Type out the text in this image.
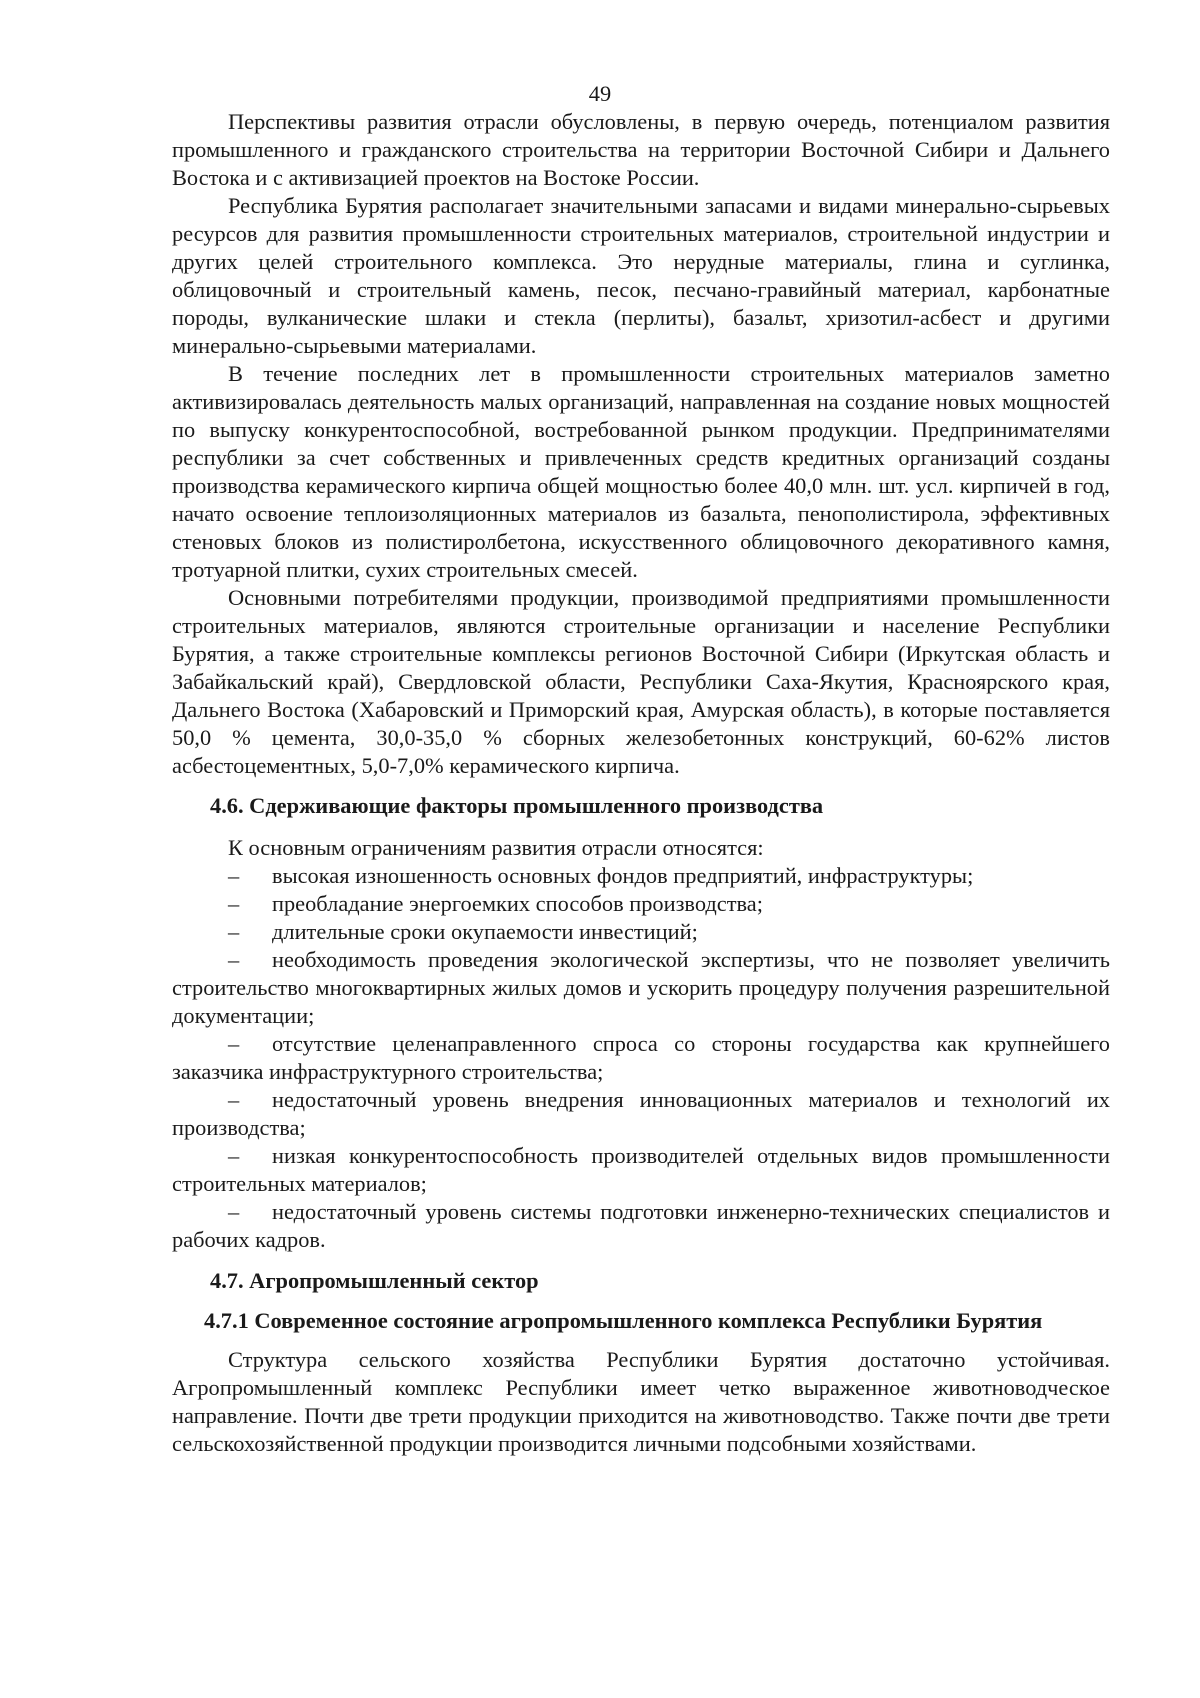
49

Перспективы развития отрасли обусловлены, в первую очередь, потенциалом развития промышленного и гражданского строительства на территории Восточной Сибири и Дальнего Востока и с активизацией проектов на Востоке России.

Республика Бурятия располагает значительными запасами и видами минерально-сырьевых ресурсов для развития промышленности строительных материалов, строительной индустрии и других целей строительного комплекса. Это нерудные материалы, глина и суглинка, облицовочный и строительный камень, песок, песчано-гравийный материал, карбонатные породы, вулканические шлаки и стекла (перлиты), базальт, хризотил-асбест и другими минерально-сырьевыми материалами.

В течение последних лет в промышленности строительных материалов заметно активизировалась деятельность малых организаций, направленная на создание новых мощностей по выпуску конкурентоспособной, востребованной рынком продукции. Предпринимателями республики за счет собственных и привлеченных средств кредитных организаций созданы производства керамического кирпича общей мощностью более 40,0 млн. шт. усл. кирпичей в год, начато освоение теплоизоляционных материалов из базальта, пенополистирола, эффективных стеновых блоков из полистиролбетона, искусственного облицовочного декоративного камня, тротуарной плитки, сухих строительных смесей.

Основными потребителями продукции, производимой предприятиями промышленности строительных материалов, являются строительные организации и население Республики Бурятия, а также строительные комплексы регионов Восточной Сибири (Иркутская область и Забайкальский край), Свердловской области, Республики Саха-Якутия, Красноярского края, Дальнего Востока (Хабаровский и Приморский края, Амурская область), в которые поставляется 50,0 % цемента, 30,0-35,0 % сборных железобетонных конструкций, 60-62% листов асбестоцементных, 5,0-7,0% керамического кирпича.

4.6. Сдерживающие факторы промышленного производства

К основным ограничениям развития отрасли относятся:

– высокая изношенность основных фондов предприятий, инфраструктуры;

– преобладание энергоемких способов производства;

– длительные сроки окупаемости инвестиций;

– необходимость проведения экологической экспертизы, что не позволяет увеличить строительство многоквартирных жилых домов и ускорить процедуру получения разрешительной документации;

– отсутствие целенаправленного спроса со стороны государства как крупнейшего заказчика инфраструктурного строительства;

– недостаточный уровень внедрения инновационных материалов и технологий их производства;

– низкая конкурентоспособность производителей отдельных видов промышленности строительных материалов;

– недостаточный уровень системы подготовки инженерно-технических специалистов и рабочих кадров.

4.7. Агропромышленный сектор
4.7.1 Современное состояние агропромышленного комплекса Республики Бурятия

Структура сельского хозяйства Республики Бурятия достаточно устойчивая. Агропромышленный комплекс Республики имеет четко выраженное животноводческое направление. Почти две трети продукции приходится на животноводство. Также почти две трети сельскохозяйственной продукции производится личными подсобными хозяйствами.
